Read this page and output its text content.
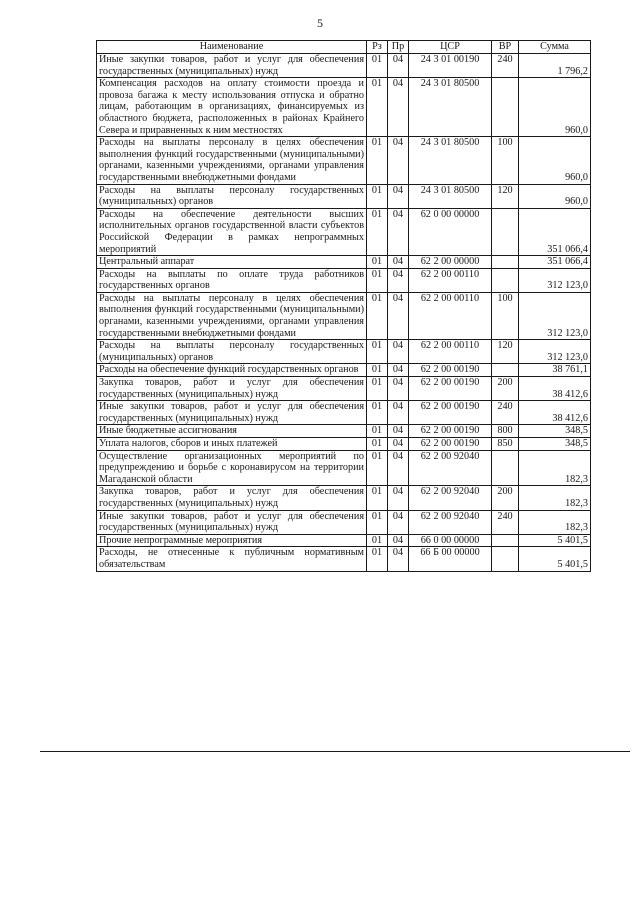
5
Наименование	Рз	Пр	ЦСР	ВР	Сумма
Иные закупки товаров, работ и услуг для обеспечения государственных (муниципальных) нужд	01	04	24 3 01 00190	240	1 796,2
Компенсация расходов на оплату стоимости проезда и провоза багажа к месту использования отпуска и обратно лицам, работающим в организациях, финансируемых из областного бюджета, расположенных в районах Крайнего Севера и приравненных к ним местностях	01	04	24 3 01 80500		960,0
Расходы на выплаты персоналу в целях обеспечения выполнения функций государственными (муниципальными) органами, казенными учреждениями, органами управления государственными внебюджетными фондами	01	04	24 3 01 80500	100	960,0
Расходы на выплаты персоналу государственных (муниципальных) органов	01	04	24 3 01 80500	120	960,0
Расходы на обеспечение деятельности высших исполнительных органов государственной власти субъектов Российской Федерации в рамках непрограммных мероприятий	01	04	62 0 00 00000		351 066,4
Центральный аппарат	01	04	62 2 00 00000		351 066,4
Расходы на выплаты по оплате труда работников государственных органов	01	04	62 2 00 00110		312 123,0
Расходы на выплаты персоналу в целях обеспечения выполнения функций государственными (муниципальными) органами, казенными учреждениями, органами управления государственными внебюджетными фондами	01	04	62 2 00 00110	100	312 123,0
Расходы на выплаты персоналу государственных (муниципальных) органов	01	04	62 2 00 00110	120	312 123,0
Расходы на обеспечение функций государственных органов	01	04	62 2 00 00190		38 761,1
Закупка товаров, работ и услуг для обеспечения государственных (муниципальных) нужд	01	04	62 2 00 00190	200	38 412,6
Иные закупки товаров, работ и услуг для обеспечения государственных (муниципальных) нужд	01	04	62 2 00 00190	240	38 412,6
Иные бюджетные ассигнования	01	04	62 2 00 00190	800	348,5
Уплата налогов, сборов и иных платежей	01	04	62 2 00 00190	850	348,5
Осуществление организационных мероприятий по предупреждению и борьбе с коронавирусом на территории Магаданской области	01	04	62 2 00 92040		182,3
Закупка товаров, работ и услуг для обеспечения государственных (муниципальных) нужд	01	04	62 2 00 92040	200	182,3
Иные закупки товаров, работ и услуг для обеспечения государственных (муниципальных) нужд	01	04	62 2 00 92040	240	182,3
Прочие непрограммные мероприятия	01	04	66 0 00 00000		5 401,5
Расходы, не отнесенные к публичным нормативным обязательствам	01	04	66 Б 00 00000		5 401,5
